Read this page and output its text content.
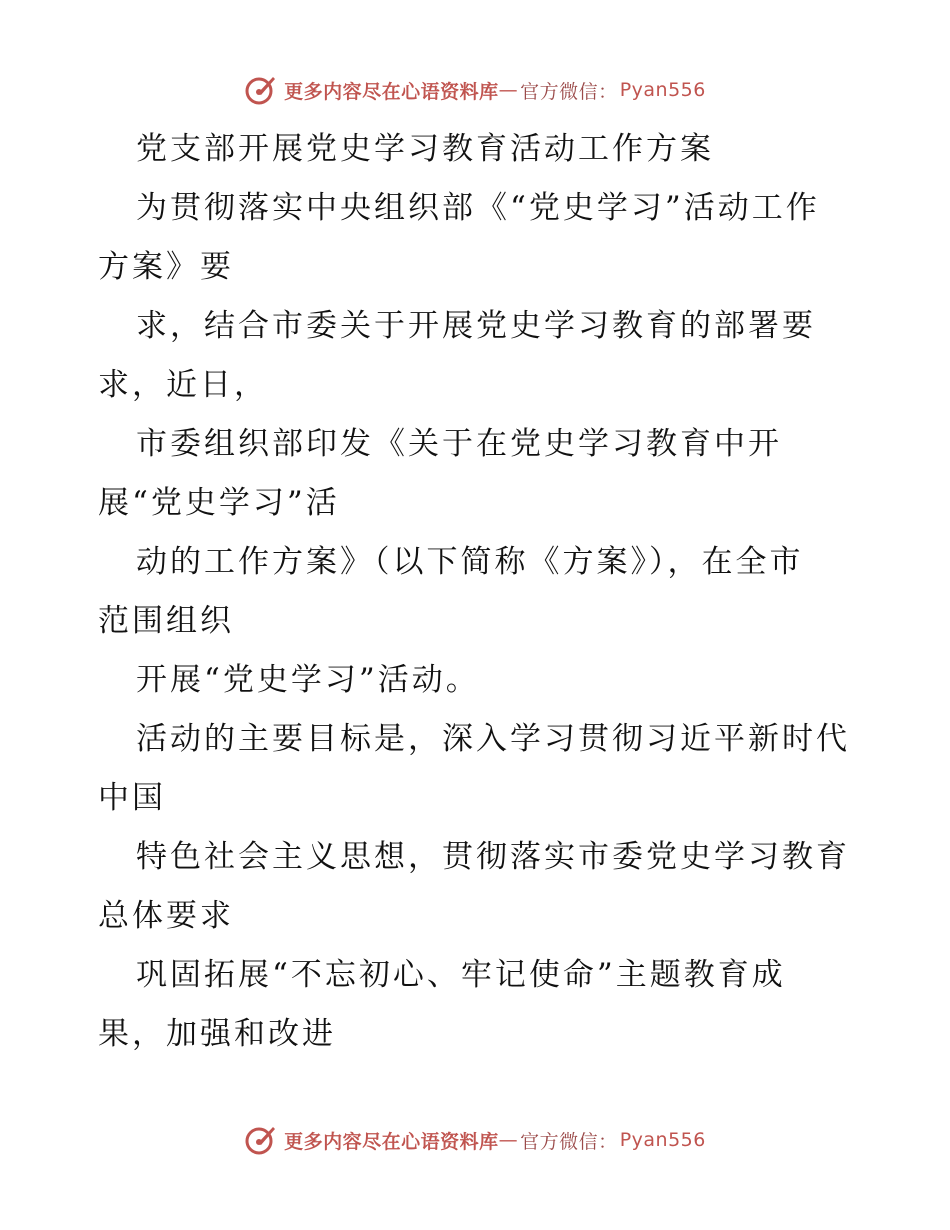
更多内容尽在心语资料库 — 官方微信： Pyan556
党支部开展党史学习教育活动工作方案
为贯彻落实中央组织部《“党史学习”活动工作
方案》要
求，结合市委关于开展党史学习教育的部署要
求，近日，
市委组织部印发《关于在党史学习教育中开
展“党史学习”活
动的工作方案》（以下简称《方案》），在全市
范围组织
开展“党史学习”活动。
活动的主要目标是，深入学习贯彻习近平新时代
中国
特色社会主义思想，贯彻落实市委党史学习教育
总体要求
巩固拓展“不忘初心、牢记使命”主题教育成
果，加强和改进
更多内容尽在心语资料库 — 官方微信： Pyan556
